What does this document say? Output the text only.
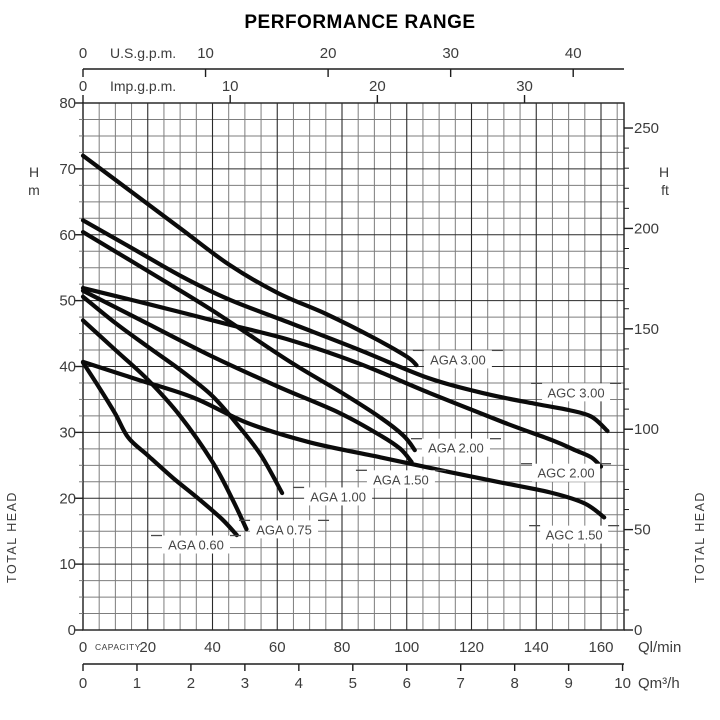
0	10	20	30	40
0	10	20	30
0	20	40	60	80	100	120	140	160
0	1	2	3	4	5	6	7	8	9	10
0
10
20
30
40
50
60
70
80
0
50
100
150
200
250
AGA 0.60
AGA 0.75
AGA 1.00
AGA 1.50
AGA 2.00
AGA 3.00
AGC 1.50
AGC 2.00
AGC 3.00
PERFORMANCE RANGE
U.S.g.p.m.
Imp.g.p.m.
H
m
H
ft
TOTAL HEAD	TOTAL HEAD
CAPACITY	Ql/min
Qm³/h
